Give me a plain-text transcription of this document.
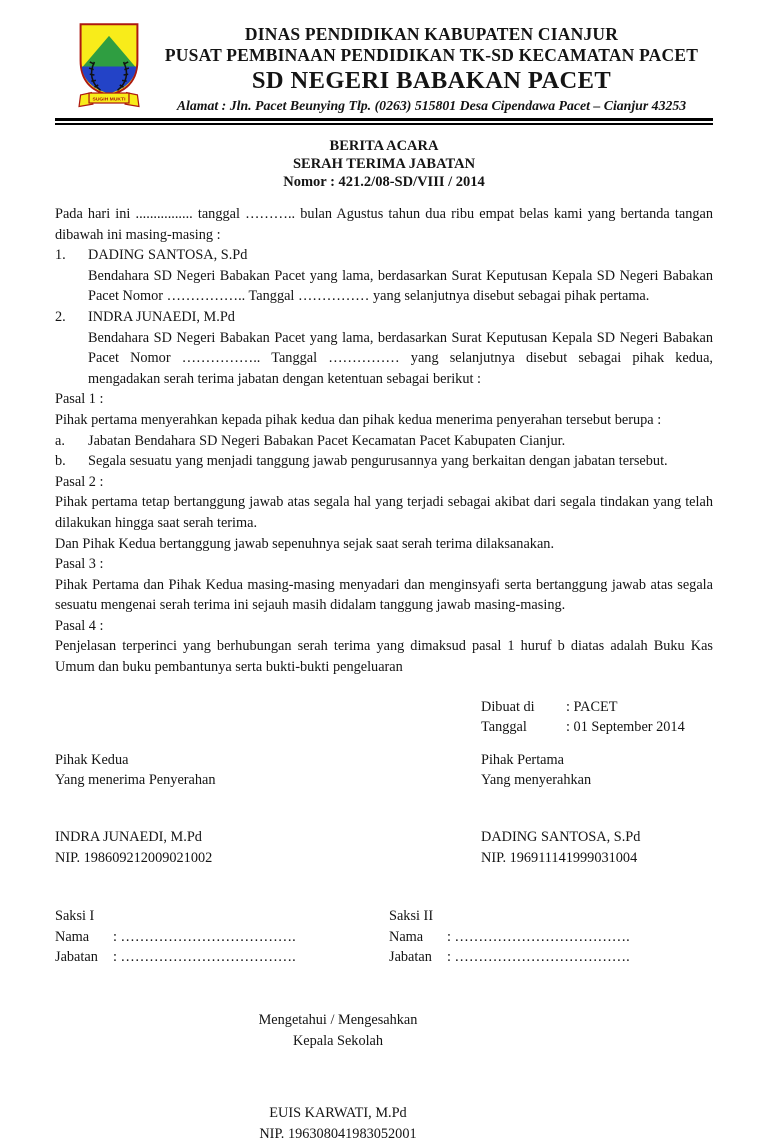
SUGIH MUKTI
DINAS PENDIDIKAN KABUPATEN CIANJUR
PUSAT PEMBINAAN PENDIDIKAN TK-SD KECAMATAN PACET
SD NEGERI BABAKAN PACET
Alamat : Jln. Pacet Beunying Tlp. (0263) 515801 Desa Cipendawa Pacet – Cianjur 43253
BERITA ACARA
SERAH TERIMA JABATAN
Nomor : 421.2/08-SD/VIII / 2014
Pada hari ini ................ tanggal ……….. bulan Agustus tahun dua ribu empat belas kami yang bertanda tangan dibawah ini masing-masing :
1.	DADING SANTOSA, S.Pd
Bendahara SD Negeri Babakan Pacet yang lama, berdasarkan Surat Keputusan Kepala SD Negeri Babakan Pacet Nomor …………….. Tanggal …………… yang selanjutnya disebut sebagai pihak pertama.
2.	INDRA JUNAEDI, M.Pd
Bendahara SD Negeri Babakan Pacet yang lama, berdasarkan Surat Keputusan Kepala SD Negeri Babakan Pacet Nomor …………….. Tanggal …………… yang selanjutnya disebut sebagai pihak kedua, mengadakan serah terima jabatan dengan ketentuan sebagai berikut :
Pasal 1 :
Pihak pertama menyerahkan kepada pihak kedua dan pihak kedua menerima penyerahan tersebut berupa :
a.	Jabatan Bendahara SD Negeri Babakan Pacet Kecamatan Pacet Kabupaten Cianjur.
b.	Segala sesuatu yang menjadi tanggung jawab pengurusannya yang berkaitan dengan jabatan tersebut.
Pasal 2 :
Pihak pertama tetap bertanggung jawab atas segala hal yang terjadi sebagai akibat dari segala tindakan yang telah dilakukan hingga saat serah terima.
Dan Pihak Kedua bertanggung jawab sepenuhnya sejak saat serah terima dilaksanakan.
Pasal 3 :
Pihak Pertama dan Pihak Kedua masing-masing menyadari dan menginsyafi serta bertanggung jawab atas segala sesuatu mengenai serah terima ini sejauh masih didalam tanggung jawab masing-masing.
Pasal 4 :
Penjelasan terperinci yang berhubungan serah terima yang dimaksud pasal 1 huruf b diatas adalah Buku Kas Umum dan buku pembantunya serta bukti-bukti pengeluaran
Dibuat di : PACET
Tanggal	: 01 September 2014
Pihak Kedua
Yang menerima Penyerahan
Pihak Pertama
Yang menyerahkan
INDRA JUNAEDI, M.Pd
NIP. 198609212009021002
DADING SANTOSA, S.Pd
NIP. 196911141999031004
Saksi I
Nama : ……………………………….
Jabatan : ……………………………….
Saksi II
Nama : ……………………………….
Jabatan : ……………………………….
Mengetahui / Mengesahkan
Kepala Sekolah
EUIS KARWATI, M.Pd
NIP. 196308041983052001
